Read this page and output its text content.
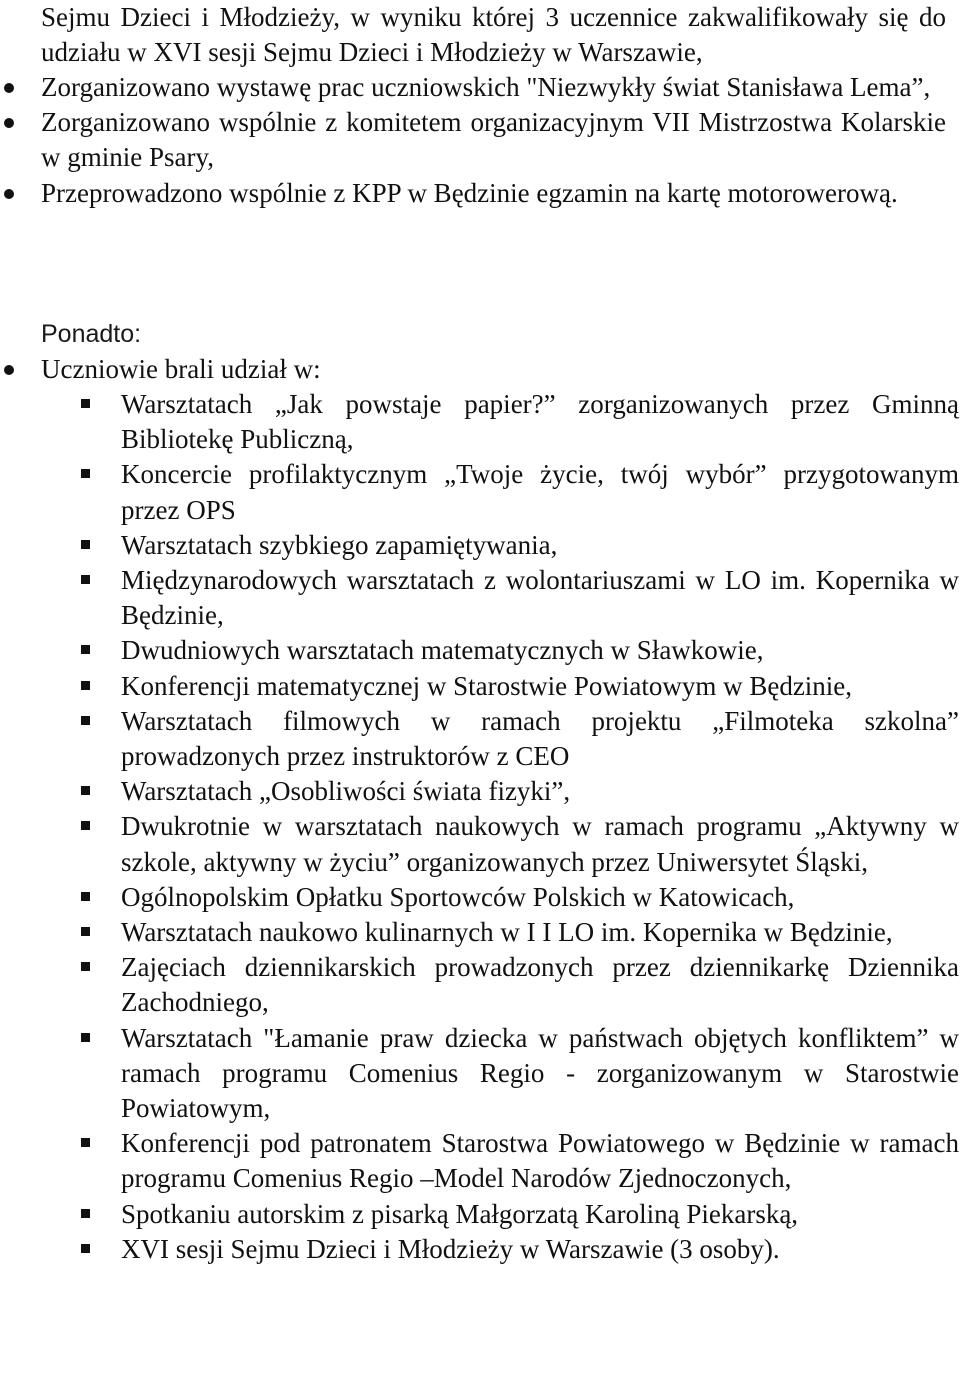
Sejmu Dzieci i Młodzieży, w wyniku której 3 uczennice zakwalifikowały się do udziału w XVI sesji Sejmu Dzieci i Młodzieży w Warszawie,
Zorganizowano wystawę prac uczniowskich "Niezwykły świat Stanisława Lema”,
Zorganizowano wspólnie z komitetem organizacyjnym VII Mistrzostwa Kolarskie w gminie Psary,
Przeprowadzono wspólnie z KPP w Będzinie egzamin na kartę motorowerową.
Ponadto:
Uczniowie brali udział w:
Warsztatach „Jak powstaje papier?” zorganizowanych przez Gminną Bibliotekę Publiczną,
Koncercie profilaktycznym „Twoje życie, twój wybór” przygotowanym przez OPS
Warsztatach szybkiego zapamiętywania,
Międzynarodowych warsztatach z wolontariuszami w LO im. Kopernika w Będzinie,
Dwudniowych warsztatach matematycznych w Sławkowie,
Konferencji matematycznej w Starostwie Powiatowym w Będzinie,
Warsztatach filmowych w ramach projektu „Filmoteka szkolna” prowadzonych przez instruktorów z CEO
Warsztatach „Osobliwości świata fizyki”,
Dwukrotnie w warsztatach naukowych w ramach programu „Aktywny w szkole, aktywny w życiu” organizowanych przez Uniwersytet Śląski,
Ogólnopolskim Opłatku Sportowców Polskich w Katowicach,
Warsztatach naukowo kulinarnych w I I LO im. Kopernika w Będzinie,
Zajęciach dziennikarskich prowadzonych przez dziennikarkę Dziennika Zachodniego,
Warsztatach "Łamanie praw dziecka w państwach objętych konfliktem” w ramach programu Comenius Regio - zorganizowanym w Starostwie Powiatowym,
Konferencji pod patronatem Starostwa Powiatowego w Będzinie w ramach programu Comenius Regio –Model Narodów Zjednoczonych,
Spotkaniu autorskim z pisarką Małgorzatą Karoliną Piekarską,
XVI sesji Sejmu Dzieci i Młodzieży w Warszawie (3 osoby).
